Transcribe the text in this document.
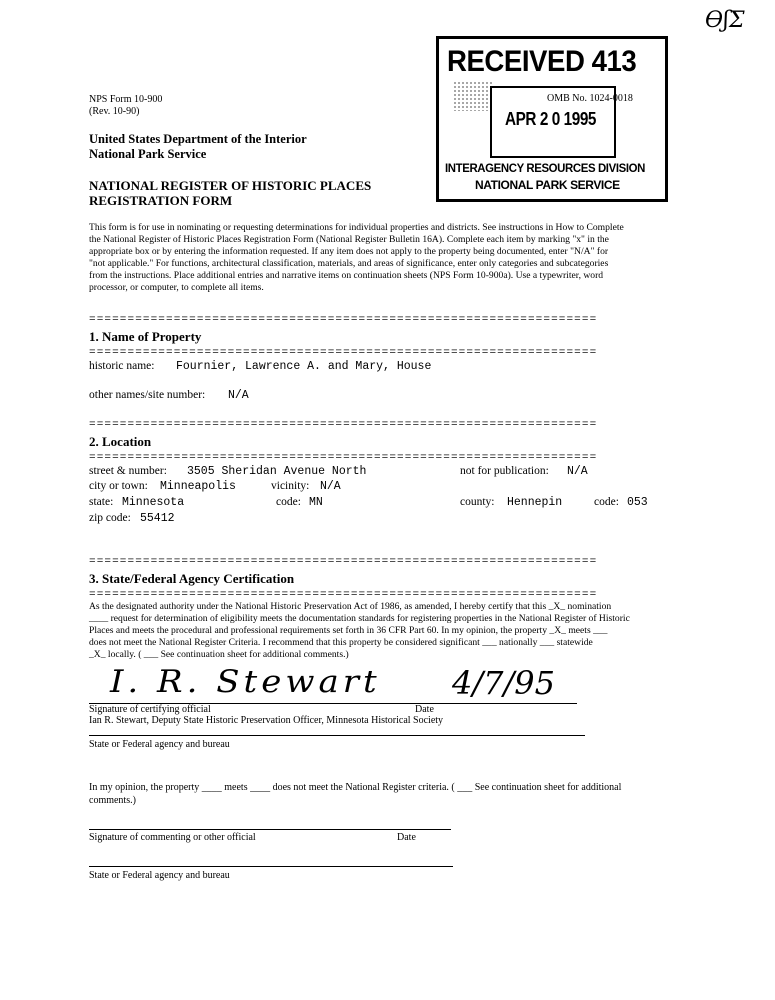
ƟʃΣ
NPS Form 10-900
(Rev. 10-90)
United States Department of the Interior
National Park Service
NATIONAL REGISTER OF HISTORIC PLACES
REGISTRATION FORM
RECEIVED 413
APR 2 0 1995
INTERAGENCY RESOURCES DIVISION
NATIONAL PARK SERVICE
OMB No. 1024-0018
This form is for use in nominating or requesting determinations for individual properties and districts. See instructions in How to Complete
the National Register of Historic Places Registration Form (National Register Bulletin 16A). Complete each item by marking "x" in the
appropriate box or by entering the information requested. If any item does not apply to the property being documented, enter "N/A" for
"not applicable." For functions, architectural classification, materials, and areas of significance, enter only categories and subcategories
from the instructions. Place additional entries and narrative items on continuation sheets (NPS Form 10-900a). Use a typewriter, word
processor, or computer, to complete all items.
==================================================================
1. Name of Property
==================================================================
historic name: Fournier, Lawrence A. and Mary, House
other names/site number: N/A
==================================================================
2. Location
==================================================================
street & number: 3505 Sheridan Avenue North	not for publication: N/A
city or town: Minneapolis	vicinity: N/A
state: Minnesota	code: MN	county: Hennepin	code: 053
zip code: 55412
==================================================================
3. State/Federal Agency Certification
==================================================================
As the designated authority under the National Historic Preservation Act of 1986, as amended, I hereby certify that this _X_ nomination
____ request for determination of eligibility meets the documentation standards for registering properties in the National Register of Historic
Places and meets the procedural and professional requirements set forth in 36 CFR Part 60. In my opinion, the property _X_ meets ___
does not meet the National Register Criteria. I recommend that this property be considered significant ___ nationally ___ statewide
_X_ locally. ( ___ See continuation sheet for additional comments.)
I. R. Stewart 4/7/95
Signature of certifying official	Date
Ian R. Stewart, Deputy State Historic Preservation Officer, Minnesota Historical Society
State or Federal agency and bureau
In my opinion, the property ____ meets ____ does not meet the National Register criteria. ( ___ See continuation sheet for additional
comments.)
Signature of commenting or other official	Date
State or Federal agency and bureau
